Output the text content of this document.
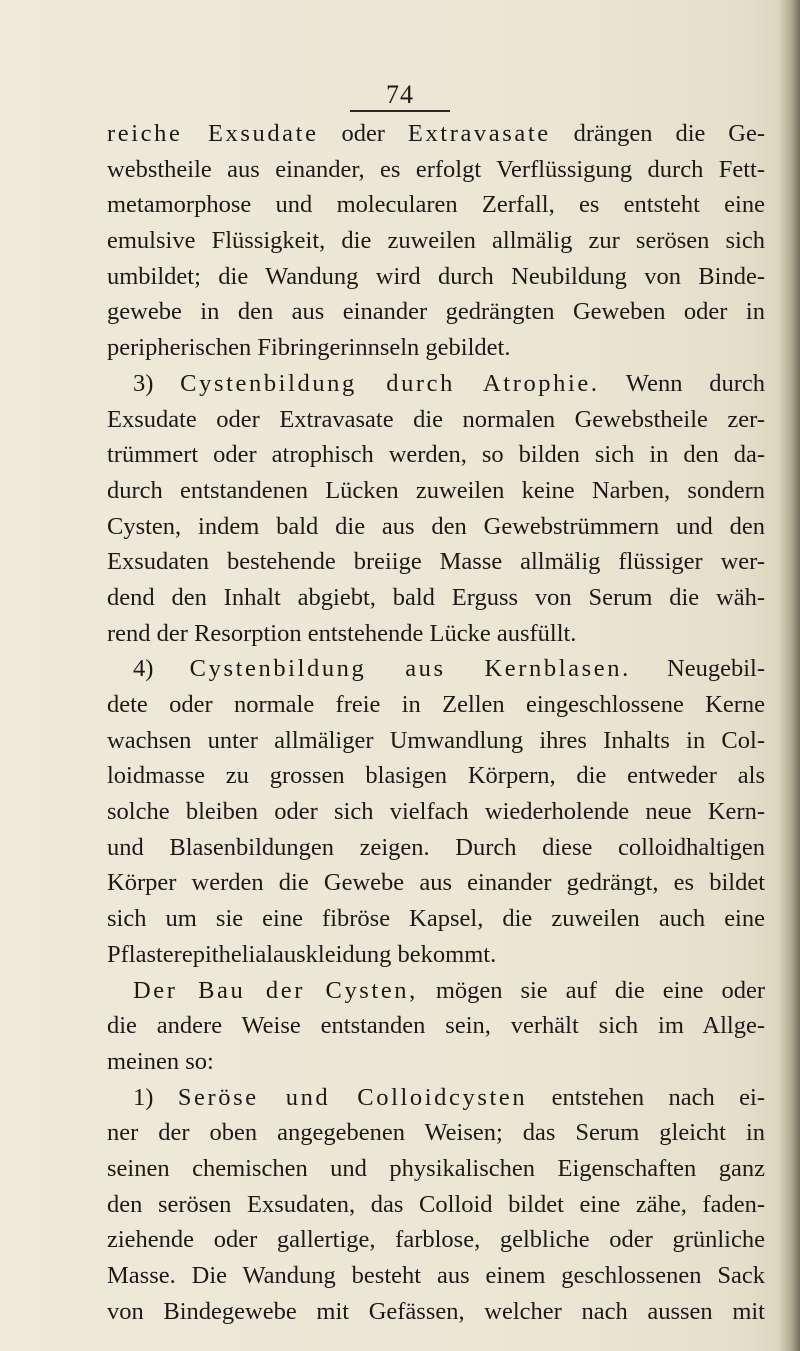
74
reiche Exsudate oder Extravasate drängen die Ge-
webstheile aus einander, es erfolgt Verflüssigung durch Fett-
metamorphose und molecularen Zerfall, es entsteht eine
emulsive Flüssigkeit, die zuweilen allmälig zur serösen sich
umbildet; die Wandung wird durch Neubildung von Binde-
gewebe in den aus einander gedrängten Geweben oder in
peripherischen Fibringerinnseln gebildet.
3) Cystenbildung durch Atrophie. Wenn durch
Exsudate oder Extravasate die normalen Gewebstheile zer-
trümmert oder atrophisch werden, so bilden sich in den da-
durch entstandenen Lücken zuweilen keine Narben, sondern
Cysten, indem bald die aus den Gewebstrümmern und den
Exsudaten bestehende breiige Masse allmälig flüssiger wer-
dend den Inhalt abgiebt, bald Erguss von Serum die wäh-
rend der Resorption entstehende Lücke ausfüllt.
4) Cystenbildung aus Kernblasen. Neugebil-
dete oder normale freie in Zellen eingeschlossene Kerne
wachsen unter allmäliger Umwandlung ihres Inhalts in Col-
loidmasse zu grossen blasigen Körpern, die entweder als
solche bleiben oder sich vielfach wiederholende neue Kern-
und Blasenbildungen zeigen. Durch diese colloidhaltigen
Körper werden die Gewebe aus einander gedrängt, es bildet
sich um sie eine fibröse Kapsel, die zuweilen auch eine
Pflasterepithelialauskleidung bekommt.
Der Bau der Cysten, mögen sie auf die eine oder
die andere Weise entstanden sein, verhält sich im Allge-
meinen so:
1) Seröse und Colloidcysten entstehen nach ei-
ner der oben angegebenen Weisen; das Serum gleicht in
seinen chemischen und physikalischen Eigenschaften ganz
den serösen Exsudaten, das Colloid bildet eine zähe, faden-
ziehende oder gallertige, farblose, gelbliche oder grünliche
Masse. Die Wandung besteht aus einem geschlossenen Sack
von Bindegewebe mit Gefässen, welcher nach aussen mit
